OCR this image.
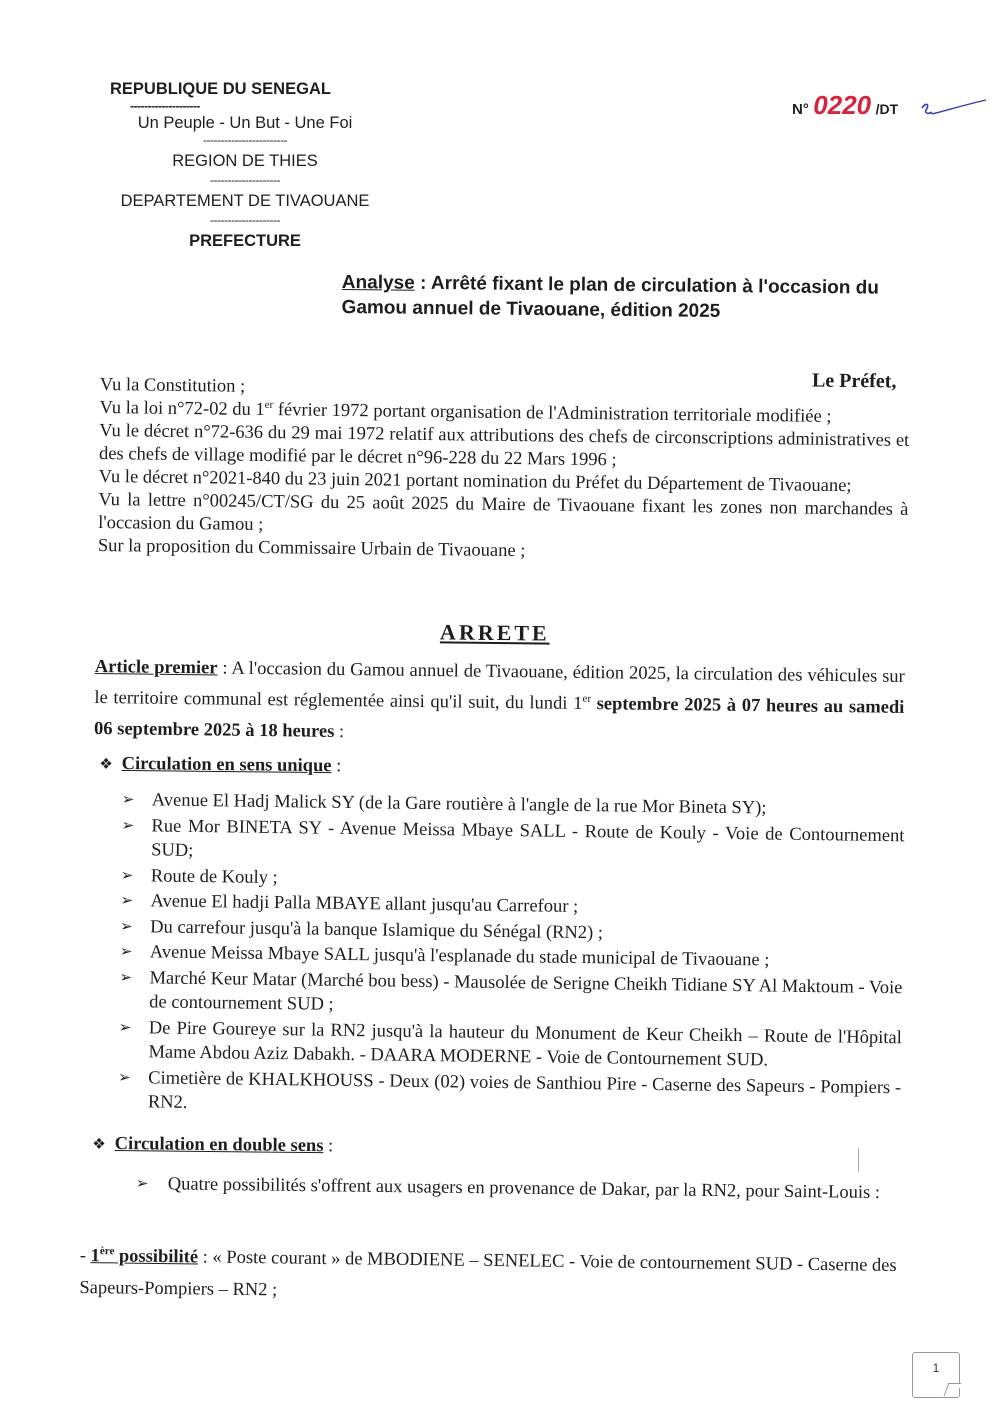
REPUBLIQUE DU SENEGAL
--------------------
Un Peuple - Un But - Une Foi
------------------------
REGION DE THIES
--------------------
DEPARTEMENT DE TIVAOUANE
--------------------
PREFECTURE
N° 0220 /DT
Analyse : Arrêté fixant le plan de circulation à l'occasion du Gamou annuel de Tivaouane, édition 2025
Le Préfet,

Vu la Constitution ;

Vu la loi n°72-02 du 1er février 1972 portant organisation de l'Administration territoriale modifiée ;

Vu le décret n°72-636 du 29 mai 1972 relatif aux attributions des chefs de circonscriptions administratives et des chefs de village modifié par le décret n°96-228 du 22 Mars 1996 ;

Vu le décret n°2021-840 du 23 juin 2021 portant nomination du Préfet du Département de Tivaouane;

Vu la lettre n°00245/CT/SG du 25 août 2025 du Maire de Tivaouane fixant les zones non marchandes à l'occasion du Gamou ;

Sur la proposition du Commissaire Urbain de Tivaouane ;

ARRETE

Article premier : A l'occasion du Gamou annuel de Tivaouane, édition 2025, la circulation des véhicules sur le territoire communal est réglementée ainsi qu'il suit, du lundi 1er septembre 2025 à 07 heures au samedi 06 septembre 2025 à 18 heures :

❖ Circulation en sens unique :
➢ Avenue El Hadj Malick SY (de la Gare routière à l'angle de la rue Mor Bineta SY);
➢ Rue Mor BINETA SY - Avenue Meissa Mbaye SALL - Route de Kouly - Voie de Contournement SUD;
➢ Route de Kouly ;
➢ Avenue El hadji Palla MBAYE allant jusqu'au Carrefour ;
➢ Du carrefour jusqu'à la banque Islamique du Sénégal (RN2) ;
➢ Avenue Meissa Mbaye SALL jusqu'à l'esplanade du stade municipal de Tivaouane ;
➢ Marché Keur Matar (Marché bou bess) - Mausolée de Serigne Cheikh Tidiane SY Al Maktoum - Voie de contournement SUD ;
➢ De Pire Goureye sur la RN2 jusqu'à la hauteur du Monument de Keur Cheikh – Route de l'Hôpital Mame Abdou Aziz Dabakh. - DAARA MODERNE - Voie de Contournement SUD.
➢ Cimetière de KHALKHOUSS - Deux (02) voies de Santhiou Pire - Caserne des Sapeurs - Pompiers - RN2.
❖ Circulation en double sens :
➢	Quatre possibilités s'offrent aux usagers en provenance de Dakar, par la RN2, pour Saint-Louis :
- 1ère possibilité : « Poste courant » de MBODIENE – SENELEC - Voie de contournement SUD - Caserne des Sapeurs-Pompiers – RN2 ;
1
